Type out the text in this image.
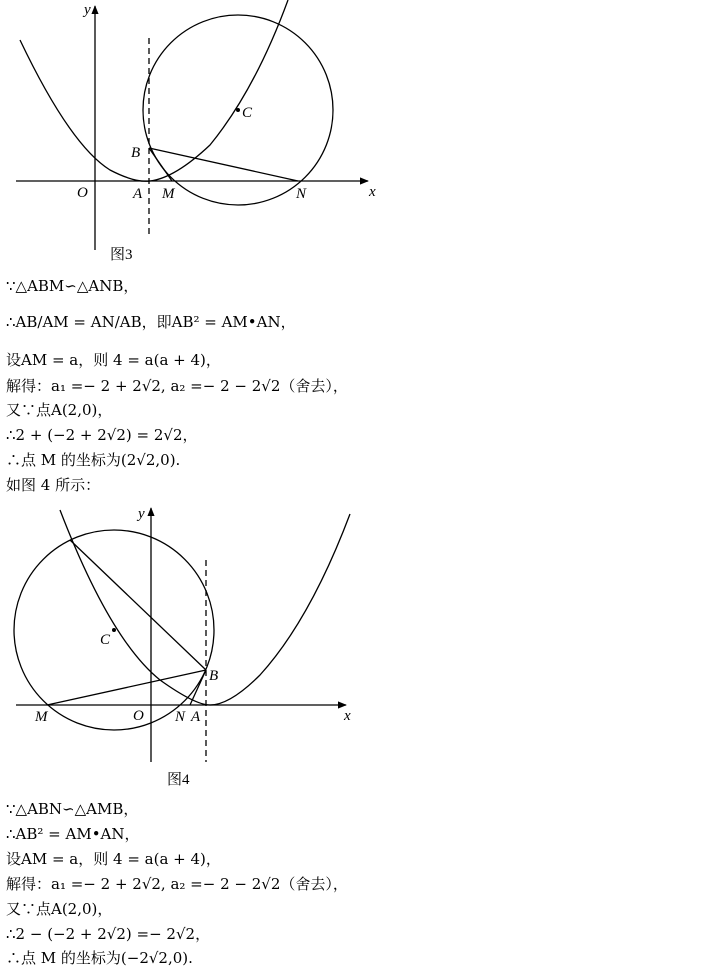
y
x
O	A M	N
B
C
图3
∵△ABM∽△ANB，
∴AB/AM = AN/AB，即AB² = AM•AN，
设AM = a，则 4 = a(a + 4)，
解得：a₁ =− 2 + 2√2, a₂ =− 2 − 2√2（舍去），
又∵点A(2,0)，
∴2 + (−2 + 2√2) = 2√2，
∴点 M 的坐标为(2√2,0).
如图 4 所示：
y
x
O
M	N A
B
C
图4
∵△ABN∽△AMB，
∴AB² = AM•AN，
设AM = a，则 4 = a(a + 4)，
解得：a₁ =− 2 + 2√2, a₂ =− 2 − 2√2（舍去），
又∵点A(2,0)，
∴2 − (−2 + 2√2) =− 2√2，
∴点 M 的坐标为(−2√2,0).
